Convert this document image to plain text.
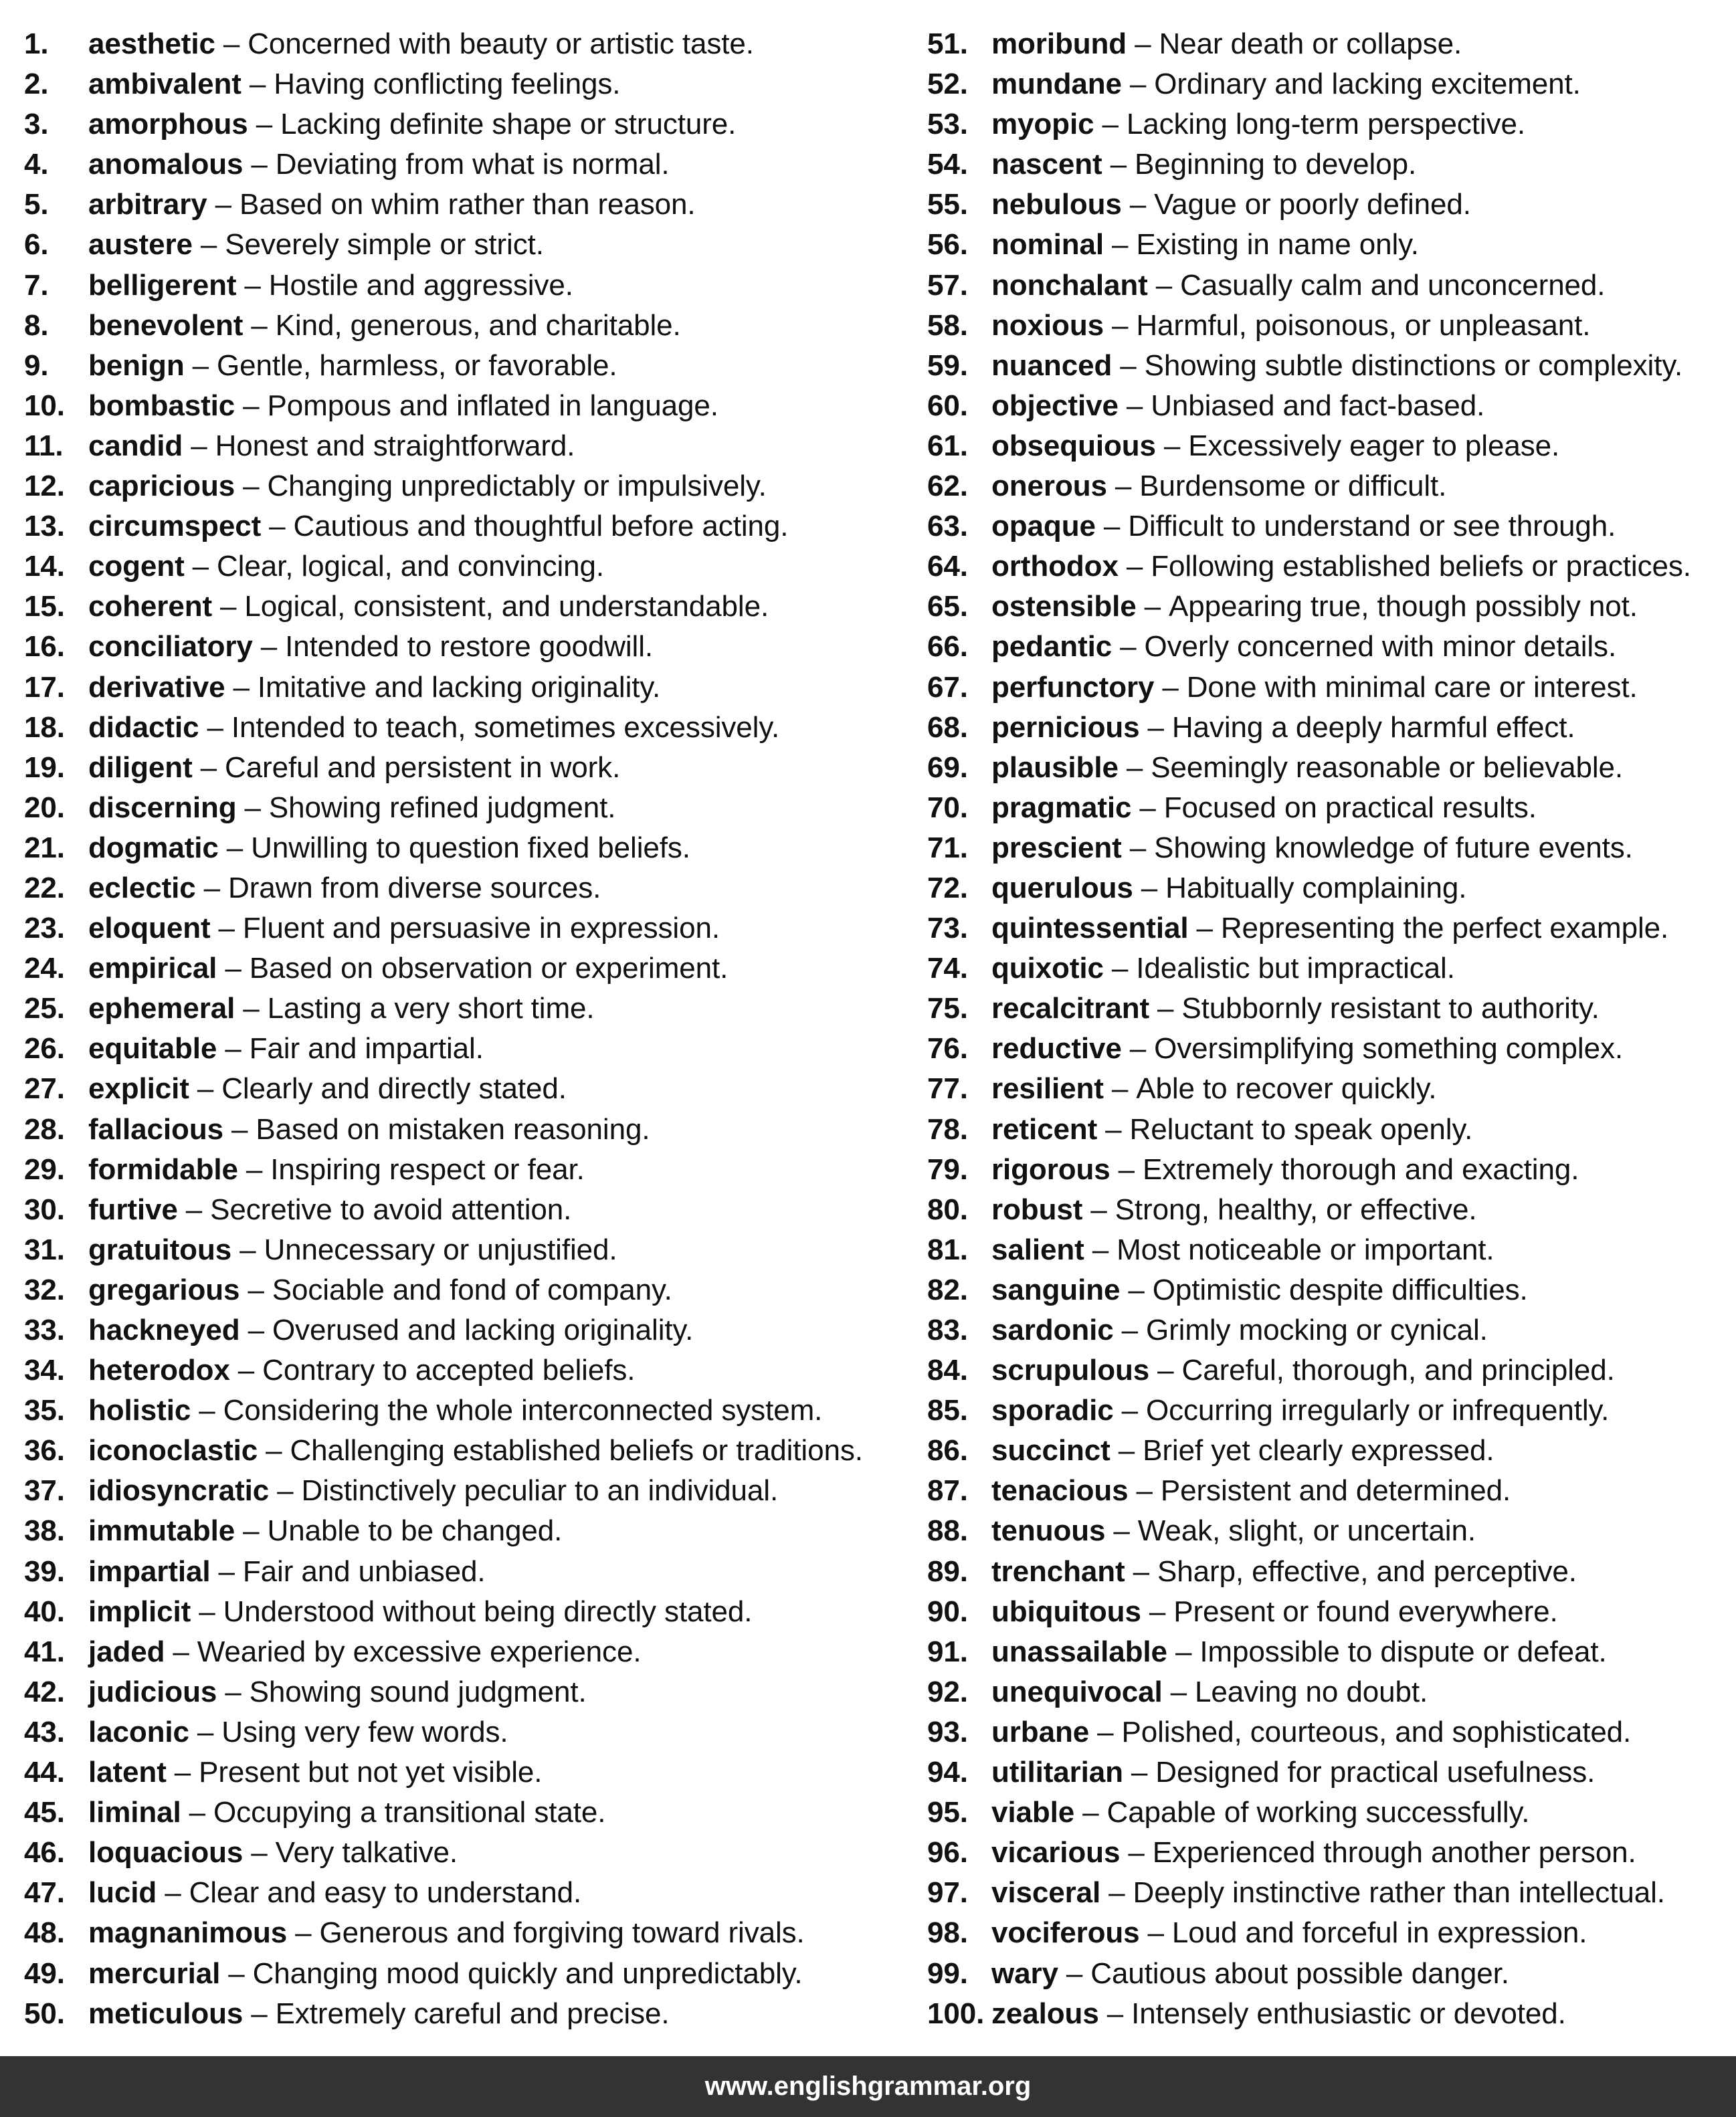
1.	aesthetic – Concerned with beauty or artistic taste.
2.	ambivalent – Having conflicting feelings.
3.	amorphous – Lacking definite shape or structure.
4.	anomalous – Deviating from what is normal.
5.	arbitrary – Based on whim rather than reason.
6.	austere – Severely simple or strict.
7.	belligerent – Hostile and aggressive.
8.	benevolent – Kind, generous, and charitable.
9.	benign – Gentle, harmless, or favorable.
10. bombastic – Pompous and inflated in language.
11. candid – Honest and straightforward.
12. capricious – Changing unpredictably or impulsively.
13. circumspect – Cautious and thoughtful before acting.
14. cogent – Clear, logical, and convincing.
15. coherent – Logical, consistent, and understandable.
16. conciliatory – Intended to restore goodwill.
17. derivative – Imitative and lacking originality.
18. didactic – Intended to teach, sometimes excessively.
19. diligent – Careful and persistent in work.
20. discerning – Showing refined judgment.
21. dogmatic – Unwilling to question fixed beliefs.
22. eclectic – Drawn from diverse sources.
23. eloquent – Fluent and persuasive in expression.
24. empirical – Based on observation or experiment.
25. ephemeral – Lasting a very short time.
26. equitable – Fair and impartial.
27. explicit – Clearly and directly stated.
28. fallacious – Based on mistaken reasoning.
29. formidable – Inspiring respect or fear.
30. furtive – Secretive to avoid attention.
31. gratuitous – Unnecessary or unjustified.
32. gregarious – Sociable and fond of company.
33. hackneyed – Overused and lacking originality.
34. heterodox – Contrary to accepted beliefs.
35. holistic – Considering the whole interconnected system.
36. iconoclastic – Challenging established beliefs or traditions.
37. idiosyncratic – Distinctively peculiar to an individual.
38. immutable – Unable to be changed.
39. impartial – Fair and unbiased.
40. implicit – Understood without being directly stated.
41. jaded – Wearied by excessive experience.
42. judicious – Showing sound judgment.
43. laconic – Using very few words.
44. latent – Present but not yet visible.
45. liminal – Occupying a transitional state.
46. loquacious – Very talkative.
47. lucid – Clear and easy to understand.
48. magnanimous – Generous and forgiving toward rivals.
49. mercurial – Changing mood quickly and unpredictably.
50. meticulous – Extremely careful and precise.
51. moribund – Near death or collapse.
52. mundane – Ordinary and lacking excitement.
53. myopic – Lacking long-term perspective.
54. nascent – Beginning to develop.
55. nebulous – Vague or poorly defined.
56. nominal – Existing in name only.
57. nonchalant – Casually calm and unconcerned.
58. noxious – Harmful, poisonous, or unpleasant.
59. nuanced – Showing subtle distinctions or complexity.
60. objective – Unbiased and fact-based.
61. obsequious – Excessively eager to please.
62. onerous – Burdensome or difficult.
63. opaque – Difficult to understand or see through.
64. orthodox – Following established beliefs or practices.
65. ostensible – Appearing true, though possibly not.
66. pedantic – Overly concerned with minor details.
67. perfunctory – Done with minimal care or interest.
68. pernicious – Having a deeply harmful effect.
69. plausible – Seemingly reasonable or believable.
70. pragmatic – Focused on practical results.
71. prescient – Showing knowledge of future events.
72. querulous – Habitually complaining.
73. quintessential – Representing the perfect example.
74. quixotic – Idealistic but impractical.
75. recalcitrant – Stubbornly resistant to authority.
76. reductive – Oversimplifying something complex.
77. resilient – Able to recover quickly.
78. reticent – Reluctant to speak openly.
79. rigorous – Extremely thorough and exacting.
80. robust – Strong, healthy, or effective.
81. salient – Most noticeable or important.
82. sanguine – Optimistic despite difficulties.
83. sardonic – Grimly mocking or cynical.
84. scrupulous – Careful, thorough, and principled.
85. sporadic – Occurring irregularly or infrequently.
86. succinct – Brief yet clearly expressed.
87. tenacious – Persistent and determined.
88. tenuous – Weak, slight, or uncertain.
89. trenchant – Sharp, effective, and perceptive.
90. ubiquitous – Present or found everywhere.
91. unassailable – Impossible to dispute or defeat.
92. unequivocal – Leaving no doubt.
93. urbane – Polished, courteous, and sophisticated.
94. utilitarian – Designed for practical usefulness.
95. viable – Capable of working successfully.
96. vicarious – Experienced through another person.
97. visceral – Deeply instinctive rather than intellectual.
98. vociferous – Loud and forceful in expression.
99. wary – Cautious about possible danger.
100. zealous – Intensely enthusiastic or devoted.
www.englishgrammar.org
